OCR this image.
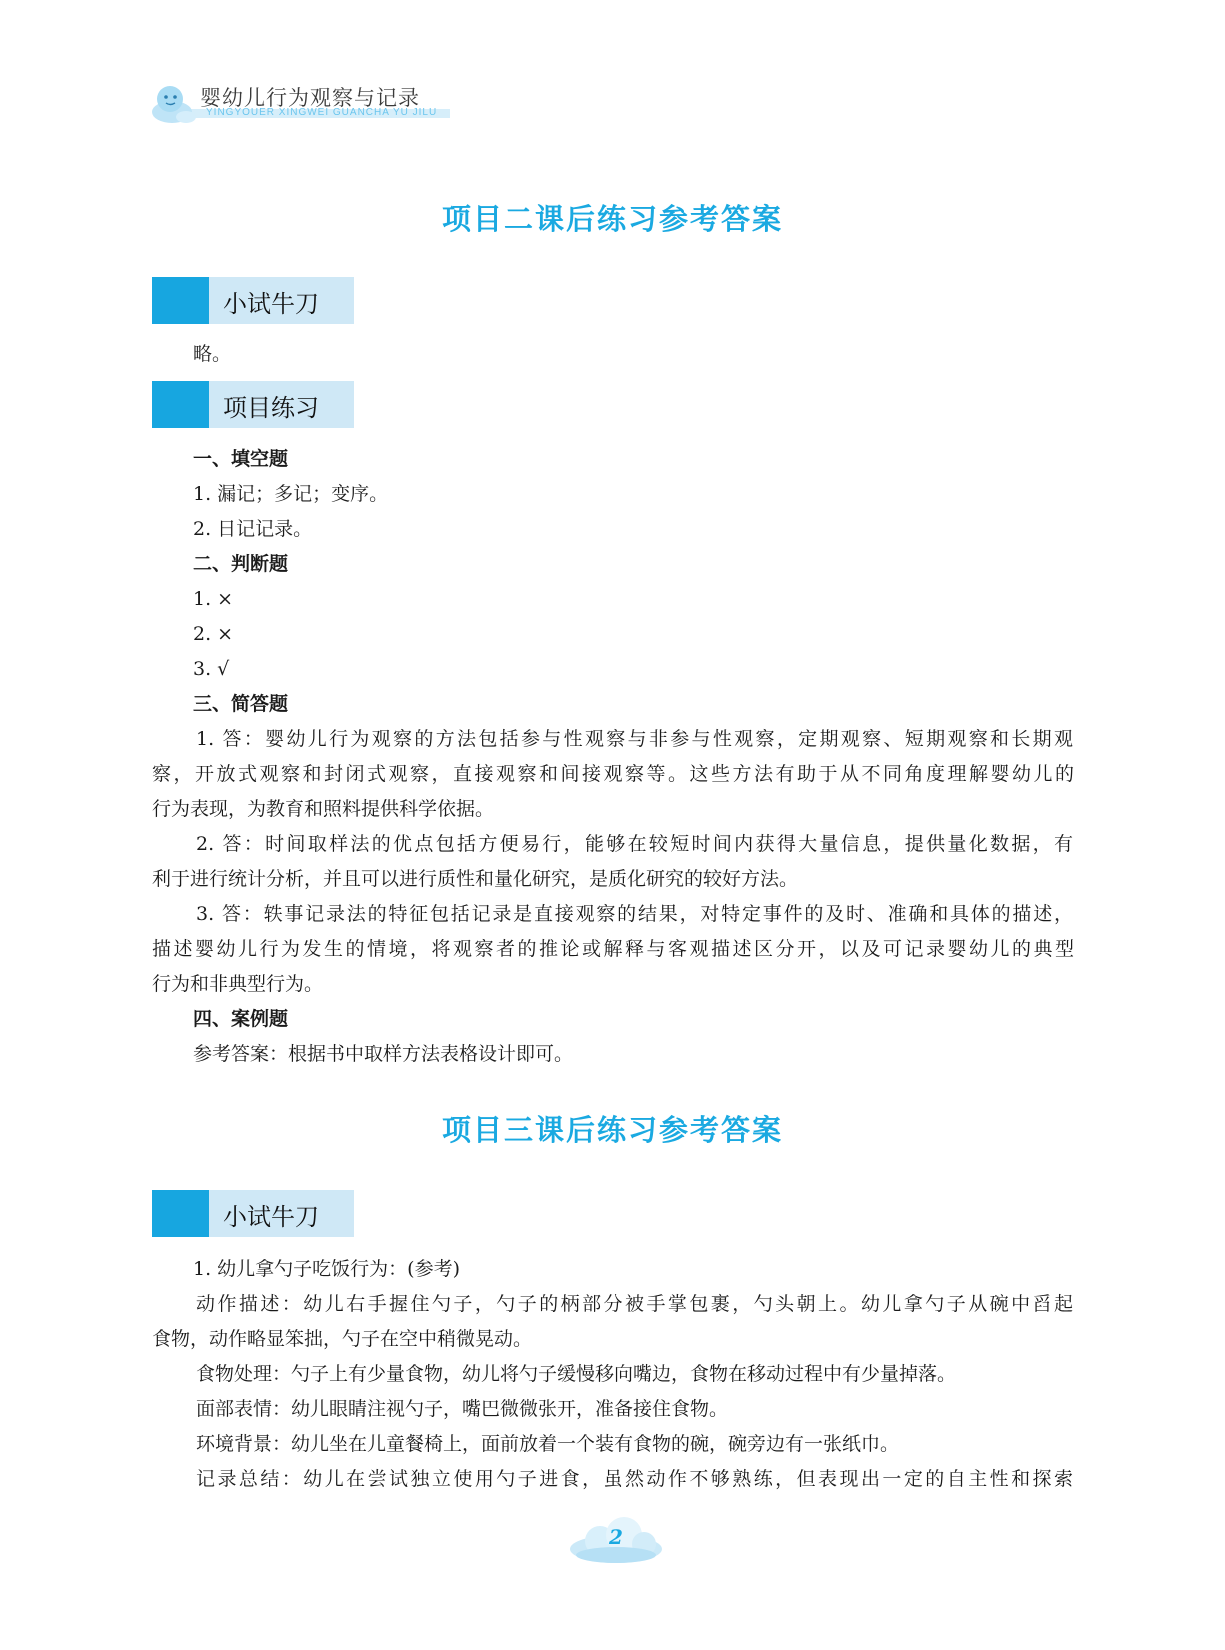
婴幼儿行为观察与记录
YINGYOUER XINGWEI GUANCHA YU JILU
项目二课后练习参考答案
小试牛刀
略。
项目练习
一、填空题
1. 漏记；多记；变序。
2. 日记记录。
二、判断题
1. ×
2. ×
3. √
三、简答题
1. 答：婴幼儿行为观察的方法包括参与性观察与非参与性观察，定期观察、短期观察和长期观
察，开放式观察和封闭式观察，直接观察和间接观察等。这些方法有助于从不同角度理解婴幼儿的
行为表现，为教育和照料提供科学依据。
2. 答：时间取样法的优点包括方便易行，能够在较短时间内获得大量信息，提供量化数据，有
利于进行统计分析，并且可以进行质性和量化研究，是质化研究的较好方法。
3. 答：轶事记录法的特征包括记录是直接观察的结果，对特定事件的及时、准确和具体的描述，
描述婴幼儿行为发生的情境，将观察者的推论或解释与客观描述区分开，以及可记录婴幼儿的典型
行为和非典型行为。
四、案例题
参考答案：根据书中取样方法表格设计即可。
项目三课后练习参考答案
小试牛刀
1. 幼儿拿勺子吃饭行为：(参考)
动作描述：幼儿右手握住勺子，勺子的柄部分被手掌包裹，勺头朝上。幼儿拿勺子从碗中舀起
食物，动作略显笨拙，勺子在空中稍微晃动。
食物处理：勺子上有少量食物，幼儿将勺子缓慢移向嘴边，食物在移动过程中有少量掉落。
面部表情：幼儿眼睛注视勺子，嘴巴微微张开，准备接住食物。
环境背景：幼儿坐在儿童餐椅上，面前放着一个装有食物的碗，碗旁边有一张纸巾。
记录总结：幼儿在尝试独立使用勺子进食，虽然动作不够熟练，但表现出一定的自主性和探索
2
